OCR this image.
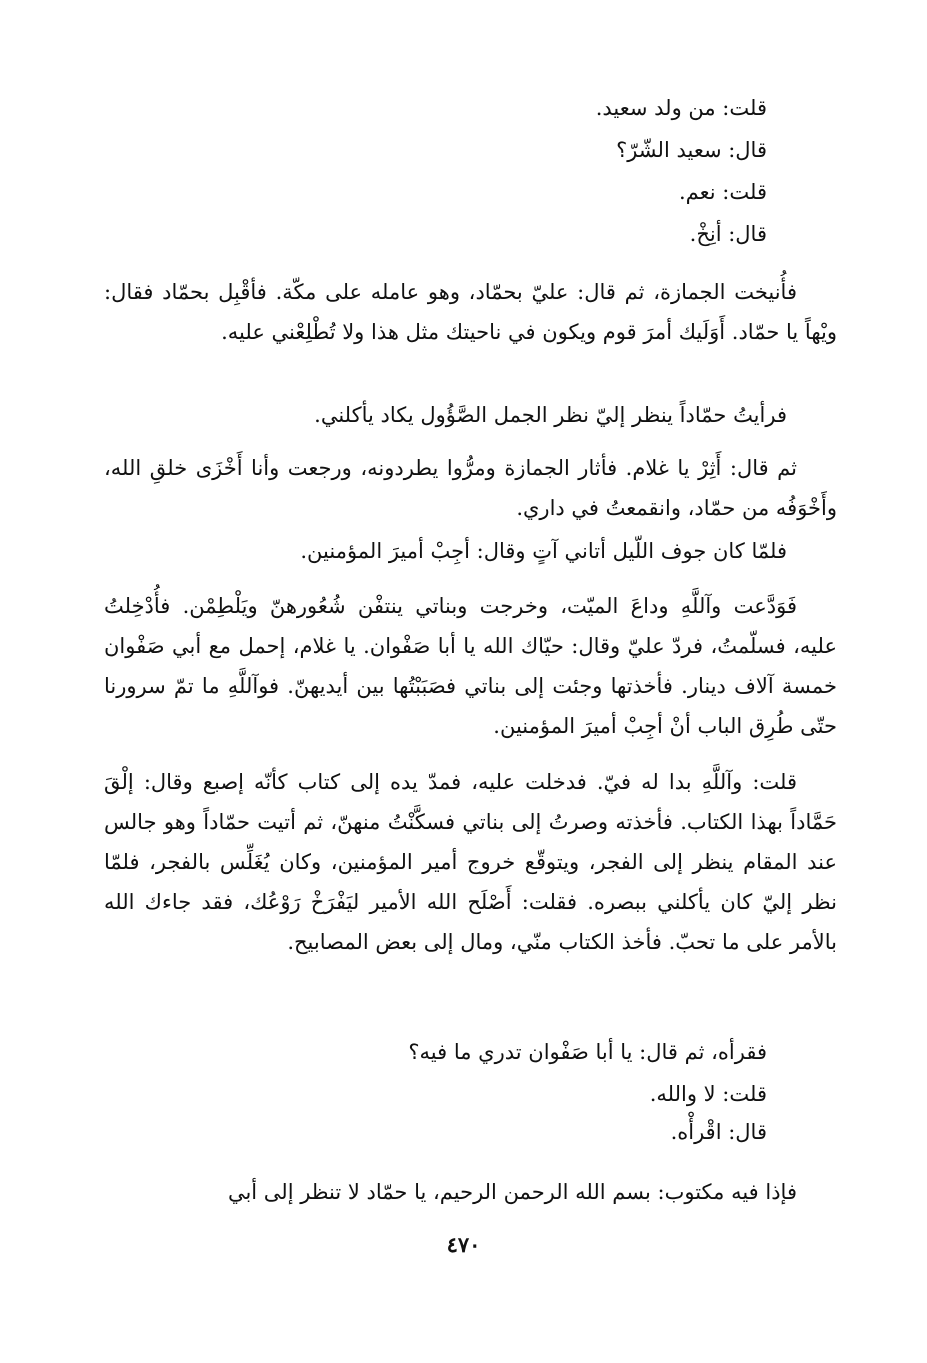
قلت: من ولد سعيد.
قال: سعيد الشّرّ؟
قلت: نعم.
قال: أنِخْ.
فأُنيخت الجمازة، ثم قال: عليّ بحمّاد، وهو عامله على مكّة. فأقْبِل بحمّاد فقال: ويْهاً يا حمّاد. أَوَلَيك أمرَ قوم ويكون في ناحيتك مثل هذا ولا تُطْلِعْني عليه.
فرأيتُ حمّاداً ينظر إليّ نظر الجمل الصَّؤُول يكاد يأكلني.
ثم قال: أَثِرْ يا غلام. فأثار الجمازة ومرُّوا يطردونه، ورجعت وأنا أَخْزَى خلقِ الله، وأَخْوَفُه من حمّاد، وانقمعتُ في داري.
فلمّا كان جوف اللّيل أتاني آتٍ وقال: أجِبْ أميرَ المؤمنين.
فَوَدَّعت وآللَّهِ وداعَ الميّت، وخرجت وبناتي ينتفْن شُعُورهنّ ويَلْطِمْن. فأُدْخِلتُ عليه، فسلّمتُ، فردّ عليّ وقال: حيّاك الله يا أبا صَفْوان. يا غلام، إحمل مع أبي صَفْوان خمسة آلاف دينار. فأخذتها وجئت إلى بناتي فصَبَبْتُها بين أيديهنّ. فوآللَّهِ ما تمّ سرورنا حتّى طُرِق الباب أنْ أجِبْ أميرَ المؤمنين.
قلت: وآللَّهِ بدا له فيّ. فدخلت عليه، فمدّ يده إلى كتاب كأنّه إصبع وقال: إلْقَ حَمَّاداً بهذا الكتاب. فأخذته وصرتُ إلى بناتي فسكَّنْتُ منهنّ، ثم أتيت حمّاداً وهو جالس عند المقام ينظر إلى الفجر، ويتوقّع خروج أمير المؤمنين، وكان يُغَلِّس بالفجر، فلمّا نظر إليّ كان يأكلني ببصره. فقلت: أَصْلَح الله الأمير ليَفْرَخْ رَوْعُك، فقد جاءك الله بالأمر على ما تحبّ. فأخذ الكتاب منّي، ومال إلى بعض المصابيح.
فقرأه، ثم قال: يا أبا صَفْوان تدري ما فيه؟
قلت: لا والله.
قال: اقْرأْه.
فإذا فيه مكتوب: بسم الله الرحمن الرحيم، يا حمّاد لا تنظر إلى أبي
٤٧٠
